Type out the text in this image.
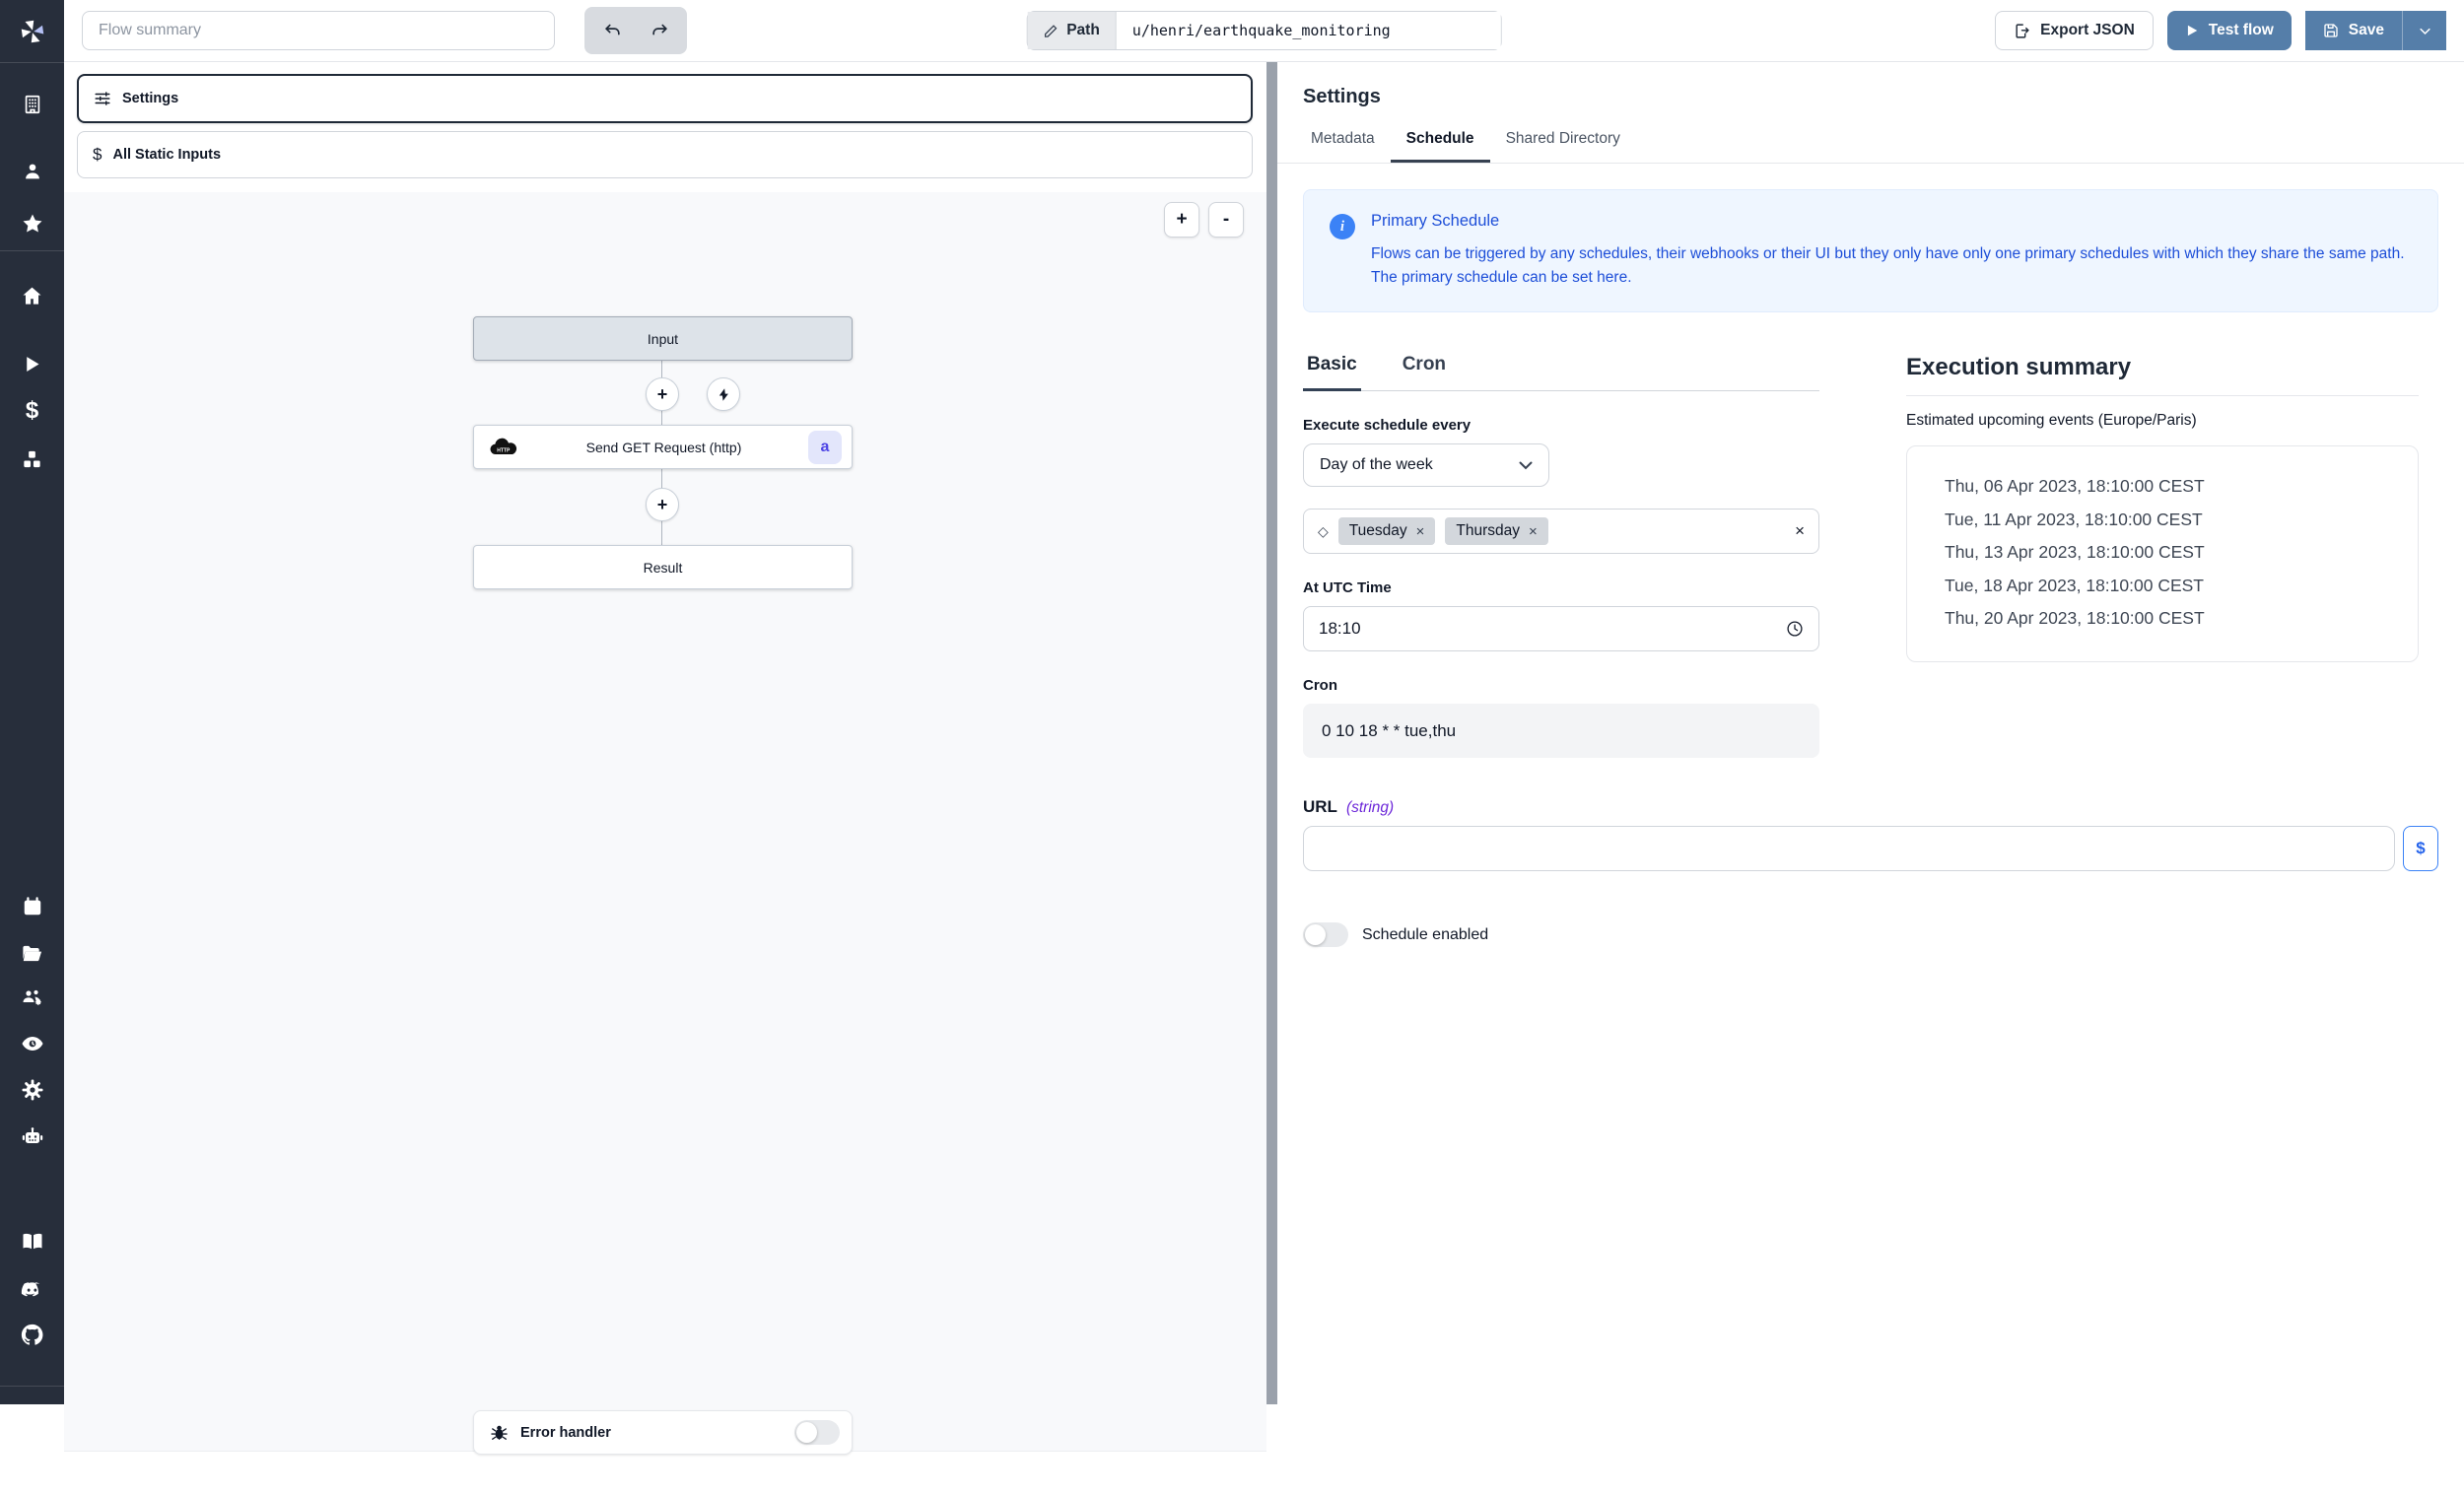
$
Flow summary
Path
u/henri/earthquake_monitoring	Export JSON	Test flow	Save
Settings
$ All Static Inputs
+	-
Input
+
HTTP	Send GET Request (http)	a
+
Result
Error handler
Settings
Metadata	Schedule	Shared Directory
i	Primary Schedule
Flows can be triggered by any schedules, their webhooks or their UI but they only have only one primary schedules with which they share the same path. The primary schedule can be set here.
Basic Cron
Execute schedule every
Day of the week
◇ Tuesday × Thursday ×	×
At UTC Time
18:10
Cron
0 10 18 * * tue,thu
Execution summary
Estimated upcoming events (Europe/Paris)
Thu, 06 Apr 2023, 18:10:00 CEST
Tue, 11 Apr 2023, 18:10:00 CEST
Thu, 13 Apr 2023, 18:10:00 CEST
Tue, 18 Apr 2023, 18:10:00 CEST
Thu, 20 Apr 2023, 18:10:00 CEST
URL (string)
$
Schedule enabled
